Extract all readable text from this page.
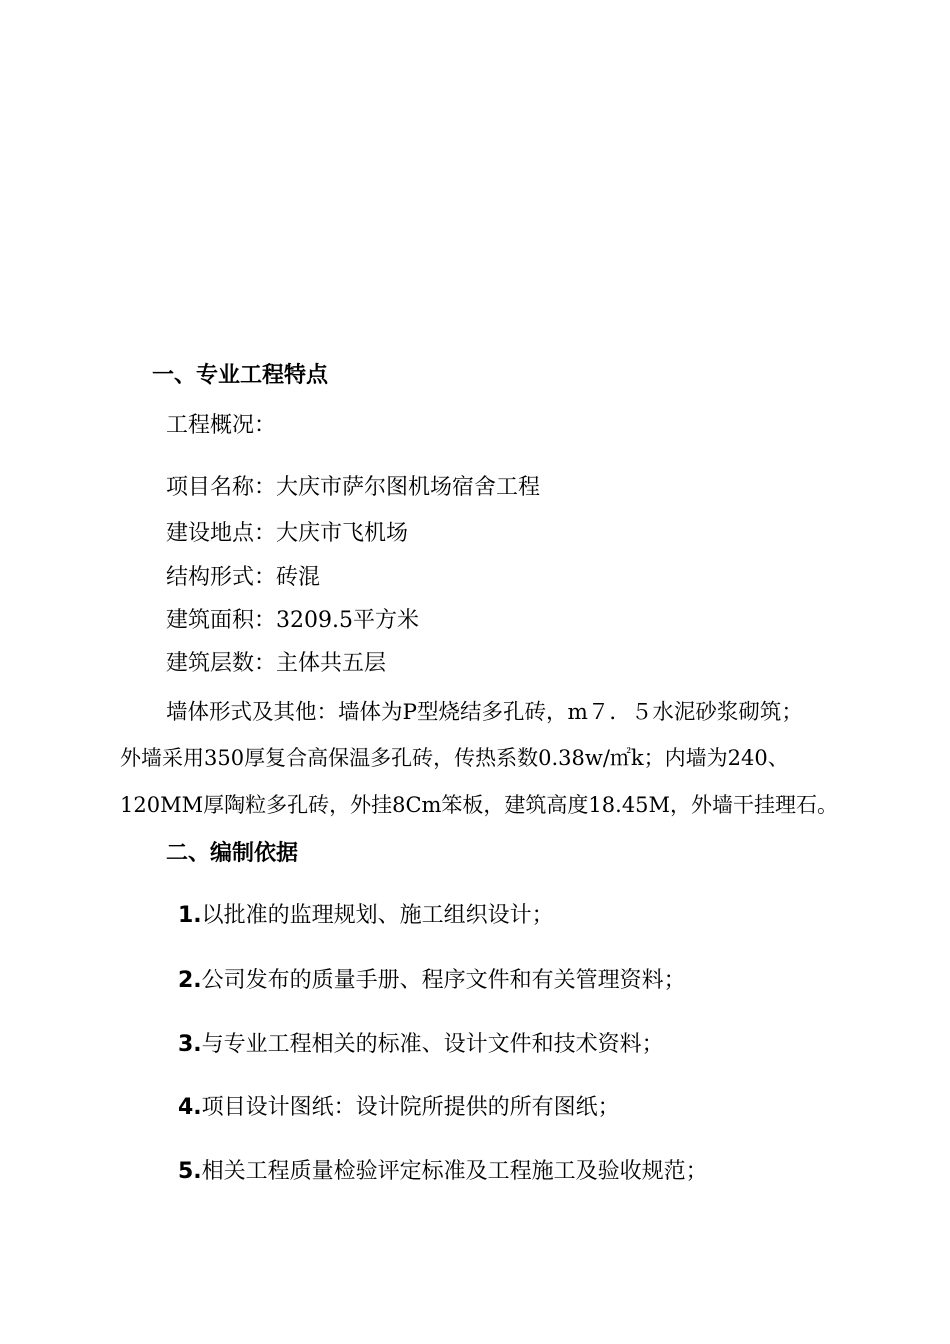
一、专业工程特点
工程概况：
项目名称：大庆市萨尔图机场宿舍工程
建设地点：大庆市飞机场
结构形式：砖混
建筑面积：3209.5平方米
建筑层数：主体共五层
墙体形式及其他：墙体为P型烧结多孔砖，m７．５水泥砂浆砌筑；
外墙采用350厚复合高保温多孔砖，传热系数0.38w/㎡k；内墙为240、
120MM厚陶粒多孔砖，外挂8Cm笨板，建筑高度18.45M，外墙干挂理石。
二、编制依据
1.以批准的监理规划、施工组织设计；
2.公司发布的质量手册、程序文件和有关管理资料；
3.与专业工程相关的标准、设计文件和技术资料；
4.项目设计图纸：设计院所提供的所有图纸；
5.相关工程质量检验评定标准及工程施工及验收规范；
